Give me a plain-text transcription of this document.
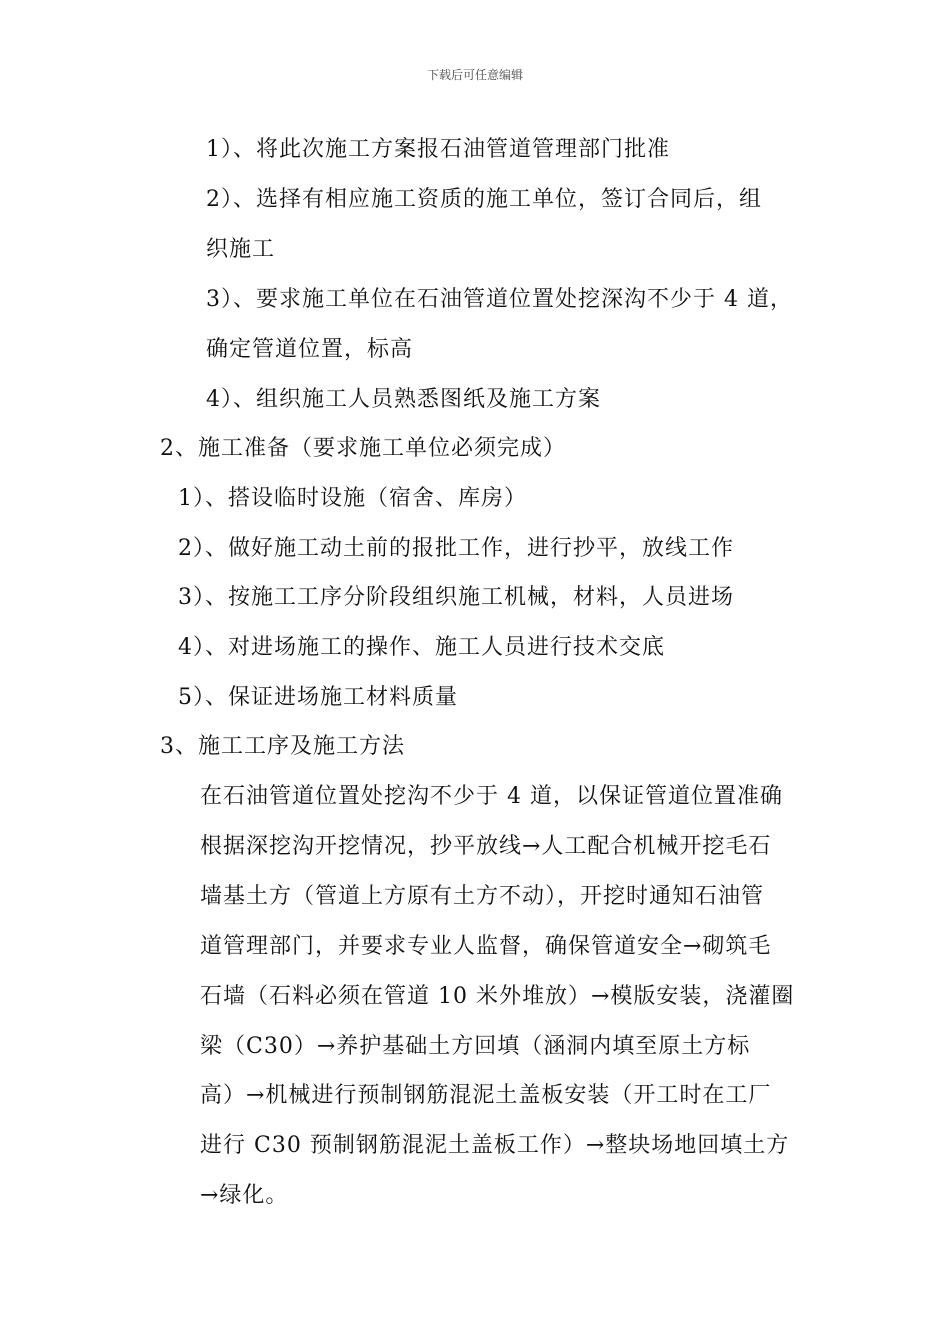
下载后可任意编辑
1）、将此次施工方案报石油管道管理部门批准
2）、选择有相应施工资质的施工单位，签订合同后，组
织施工
3）、要求施工单位在石油管道位置处挖深沟不少于 4 道，
确定管道位置，标高
4）、组织施工人员熟悉图纸及施工方案
2、施工准备（要求施工单位必须完成）
1）、搭设临时设施（宿舍、库房）
2）、做好施工动土前的报批工作，进行抄平，放线工作
3）、按施工工序分阶段组织施工机械，材料，人员进场
4）、对进场施工的操作、施工人员进行技术交底
5）、保证进场施工材料质量
3、施工工序及施工方法
在石油管道位置处挖沟不少于 4 道，以保证管道位置准确
根据深挖沟开挖情况，抄平放线→人工配合机械开挖毛石
墙基土方（管道上方原有土方不动），开挖时通知石油管
道管理部门，并要求专业人监督，确保管道安全→砌筑毛
石墙（石料必须在管道 10 米外堆放）→模版安装，浇灌圈
梁（C30）→养护基础土方回填（涵洞内填至原土方标
高）→机械进行预制钢筋混泥土盖板安装（开工时在工厂
进行 C30 预制钢筋混泥土盖板工作）→整块场地回填土方
→绿化。
